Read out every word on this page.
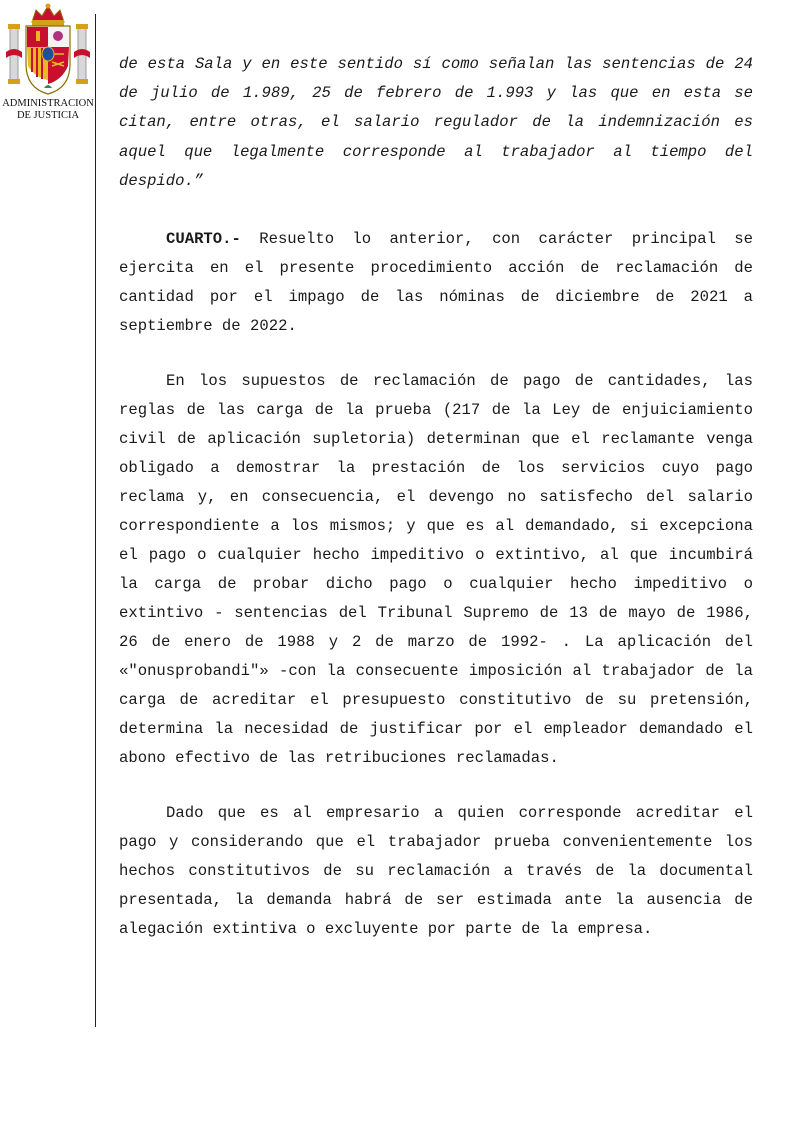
ADMINISTRACION
DE JUSTICIA

de esta Sala y en este sentido sí como señalan las sentencias de 24 de julio de 1.989, 25 de febrero de 1.993 y las que en esta se citan, entre otras, el salario regulador de la indemnización es aquel que legalmente corresponde al trabajador al tiempo del despido.”

CUARTO.- Resuelto lo anterior, con carácter principal se ejercita en el presente procedimiento acción de reclamación de cantidad por el impago de las nóminas de diciembre de 2021 a septiembre de 2022.

En los supuestos de reclamación de pago de cantidades, las reglas de las carga de la prueba (217 de la Ley de enjuiciamiento civil de aplicación supletoria) determinan que el reclamante venga obligado a demostrar la prestación de los servicios cuyo pago reclama y, en consecuencia, el devengo no satisfecho del salario correspondiente a los mismos; y que es al demandado, si excepciona el pago o cualquier hecho impeditivo o extintivo, al que incumbirá la carga de probar dicho pago o cualquier hecho impeditivo o extintivo - sentencias del Tribunal Supremo de 13 de mayo de 1986, 26 de enero de 1988 y 2 de marzo de 1992- . La aplicación del «"onusprobandi"» -con la consecuente imposición al trabajador de la carga de acreditar el presupuesto constitutivo de su pretensión, determina la necesidad de justificar por el empleador demandado el abono efectivo de las retribuciones reclamadas.

Dado que es al empresario a quien corresponde acreditar el pago y considerando que el trabajador prueba convenientemente los hechos constitutivos de su reclamación a través de la documental presentada, la demanda habrá de ser estimada ante la ausencia de alegación extintiva o excluyente por parte de la empresa.
